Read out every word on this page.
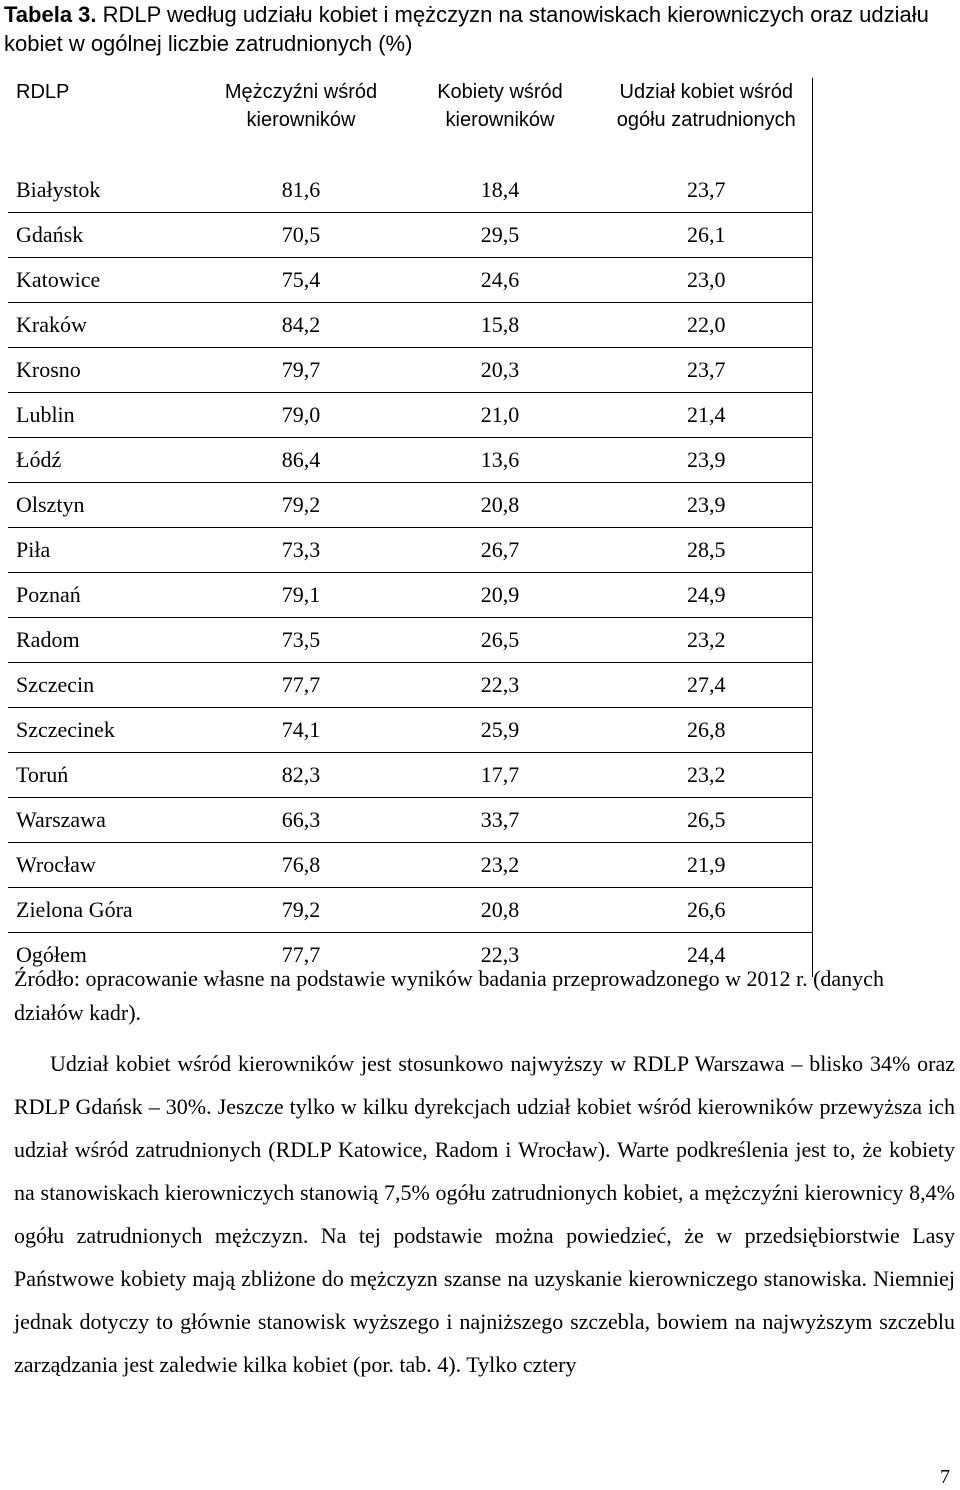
Tabela 3. RDLP według udziału kobiet i mężczyzn na stanowiskach kierowniczych oraz udziału kobiet w ogólnej liczbie zatrudnionych (%)
RDLP	Mężczyźni wśród kierowników	Kobiety wśród kierowników	Udział kobiet wśród ogółu zatrudnionych
Białystok	81,6	18,4	23,7
Gdańsk	70,5	29,5	26,1
Katowice	75,4	24,6	23,0
Kraków	84,2	15,8	22,0
Krosno	79,7	20,3	23,7
Lublin	79,0	21,0	21,4
Łódź	86,4	13,6	23,9
Olsztyn	79,2	20,8	23,9
Piła	73,3	26,7	28,5
Poznań	79,1	20,9	24,9
Radom	73,5	26,5	23,2
Szczecin	77,7	22,3	27,4
Szczecinek	74,1	25,9	26,8
Toruń	82,3	17,7	23,2
Warszawa	66,3	33,7	26,5
Wrocław	76,8	23,2	21,9
Zielona Góra	79,2	20,8	26,6
Ogółem	77,7	22,3	24,4
Źródło: opracowanie własne na podstawie wyników badania przeprowadzonego w 2012 r. (danych działów kadr).
Udział kobiet wśród kierowników jest stosunkowo najwyższy w RDLP Warszawa – blisko 34% oraz RDLP Gdańsk – 30%. Jeszcze tylko w kilku dyrekcjach udział kobiet wśród kierowników przewyższa ich udział wśród zatrudnionych (RDLP Katowice, Radom i Wrocław). Warte podkreślenia jest to, że kobiety na stanowiskach kierowniczych stanowią 7,5% ogółu zatrudnionych kobiet, a mężczyźni kierownicy 8,4% ogółu zatrudnionych mężczyzn. Na tej podstawie można powiedzieć, że w przedsiębiorstwie Lasy Państwowe kobiety mają zbliżone do mężczyzn szanse na uzyskanie kierowniczego stanowiska. Niemniej jednak dotyczy to głównie stanowisk wyższego i najniższego szczebla, bowiem na najwyższym szczeblu zarządzania jest zaledwie kilka kobiet (por. tab. 4). Tylko cztery
7
